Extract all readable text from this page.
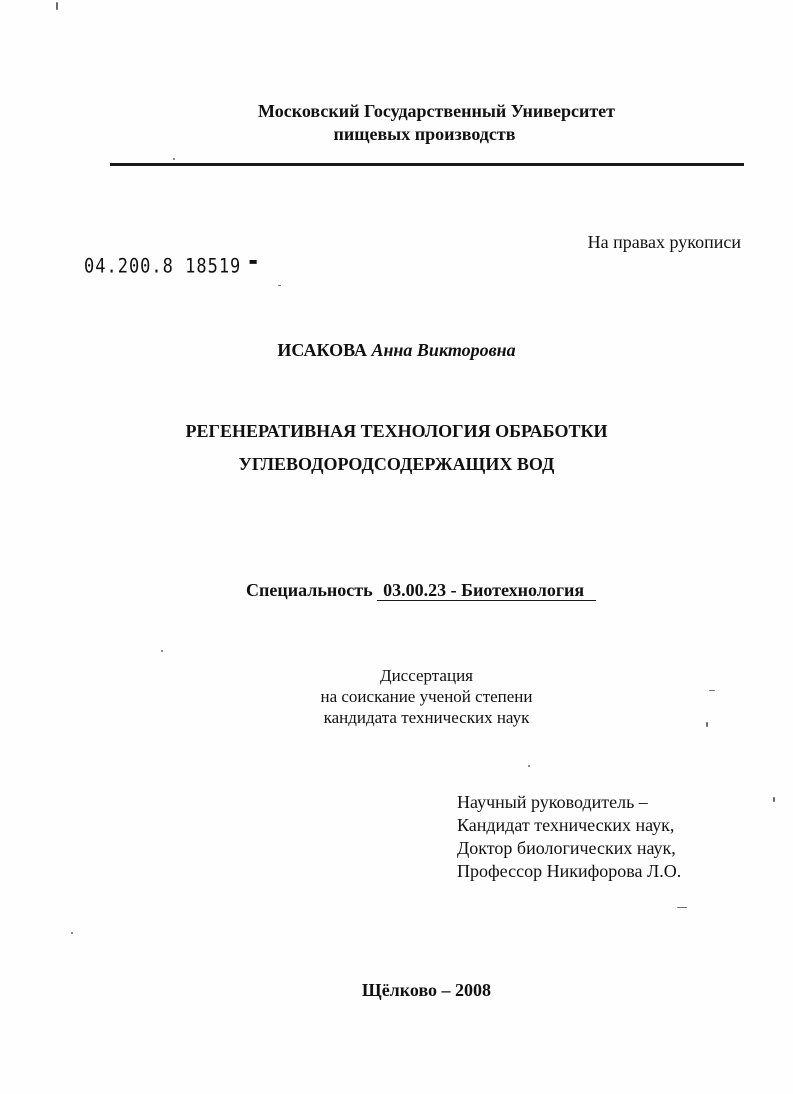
Московский Государственный Университет
пищевых производств
На правах рукописи
04.200.8 18519 ▬
ИСАКОВА Анна Викторовна
РЕГЕНЕРАТИВНАЯ ТЕХНОЛОГИЯ ОБРАБОТКИ
УГЛЕВОДОРОДСОДЕРЖАЩИХ ВОД
Специальность 03.00.23 - Биотехнология
Диссертация
на соискание ученой степени
кандидата технических наук
Научный руководитель –
Кандидат технических наук,
Доктор биологических наук,
Профессор Никифорова Л.О.
Щёлково – 2008
